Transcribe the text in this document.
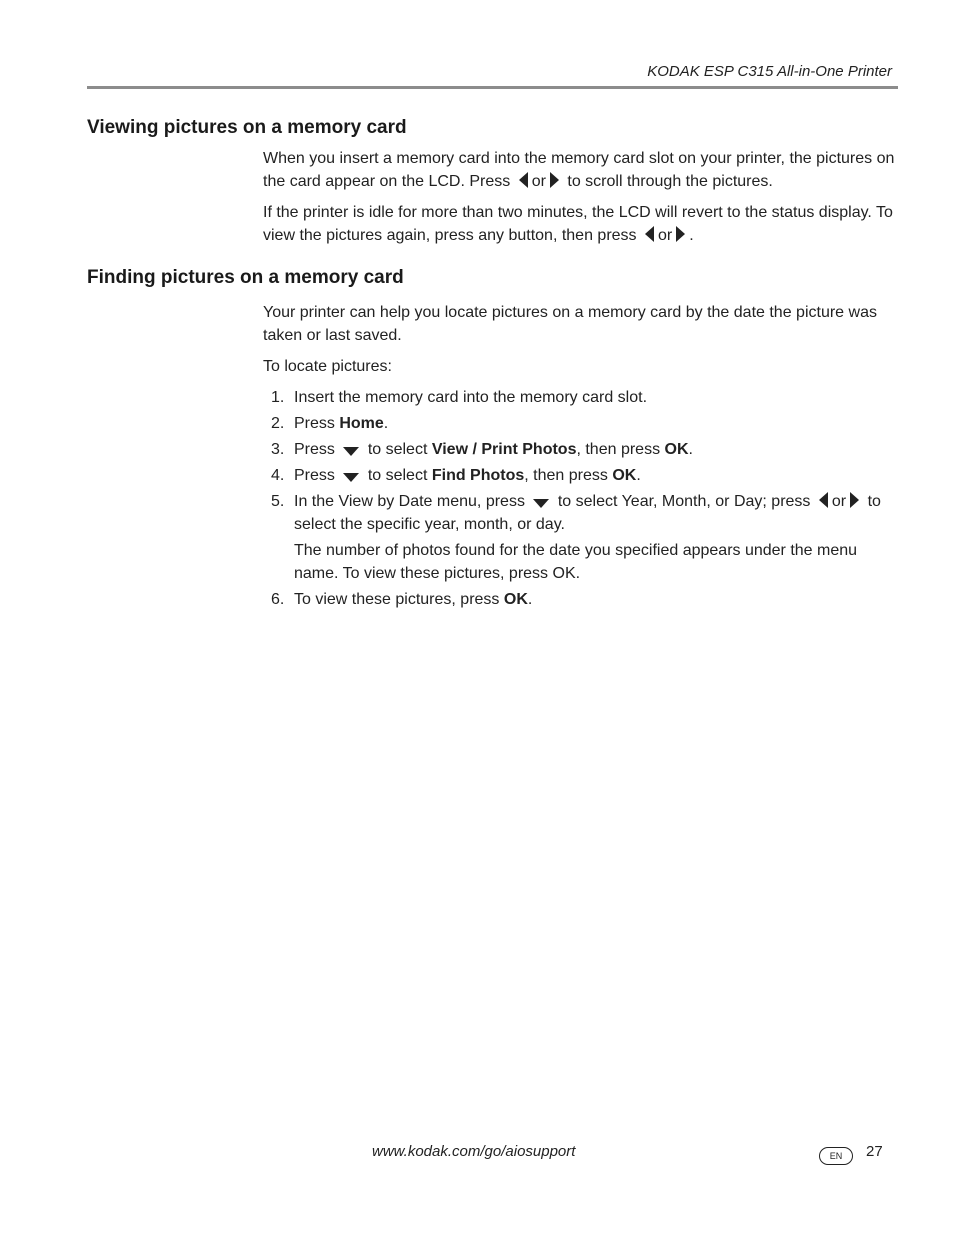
KODAK ESP C315 All-in-One Printer
Viewing pictures on a memory card

When you insert a memory card into the memory card slot on your printer, the pictures on the card appear on the LCD. Press or to scroll through the pictures.

If the printer is idle for more than two minutes, the LCD will revert to the status display. To view the pictures again, press any button, then press or .

Finding pictures on a memory card

Your printer can help you locate pictures on a memory card by the date the picture was taken or last saved.

To locate pictures:

1. Insert the memory card into the memory card slot.
2. Press Home.
3. Press to select View / Print Photos, then press OK.
4. Press to select Find Photos, then press OK.
5. In the View by Date menu, press to select Year, Month, or Day; press or to select the specific year, month, or day.

The number of photos found for the date you specified appears under the menu name. To view these pictures, press OK.

6. To view these pictures, press OK.
www.kodak.com/go/aiosupport	EN	27
